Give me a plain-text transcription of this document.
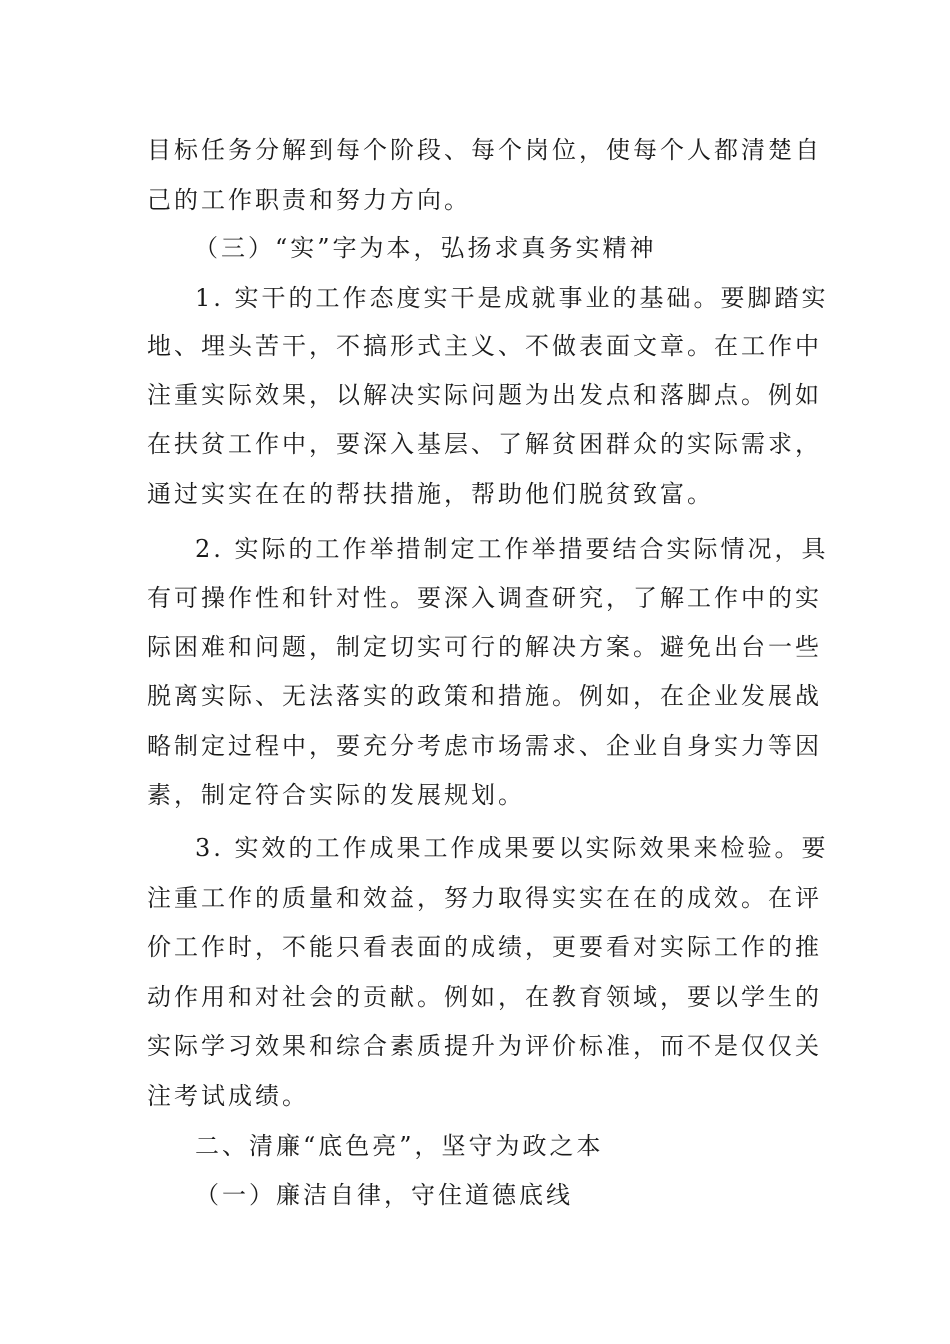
目标任务分解到每个阶段、每个岗位，使每个人都清楚自
己的工作职责和努力方向。
（三）“实”字为本，弘扬求真务实精神
1. 实干的工作态度实干是成就事业的基础。要脚踏实
地、埋头苦干，不搞形式主义、不做表面文章。在工作中
注重实际效果，以解决实际问题为出发点和落脚点。例如
在扶贫工作中，要深入基层、了解贫困群众的实际需求，
通过实实在在的帮扶措施，帮助他们脱贫致富。
2. 实际的工作举措制定工作举措要结合实际情况，具
有可操作性和针对性。要深入调查研究，了解工作中的实
际困难和问题，制定切实可行的解决方案。避免出台一些
脱离实际、无法落实的政策和措施。例如，在企业发展战
略制定过程中，要充分考虑市场需求、企业自身实力等因
素，制定符合实际的发展规划。
3. 实效的工作成果工作成果要以实际效果来检验。要
注重工作的质量和效益，努力取得实实在在的成效。在评
价工作时，不能只看表面的成绩，更要看对实际工作的推
动作用和对社会的贡献。例如，在教育领域，要以学生的
实际学习效果和综合素质提升为评价标准，而不是仅仅关
注考试成绩。
二、清廉“底色亮”，坚守为政之本
（一）廉洁自律，守住道德底线
